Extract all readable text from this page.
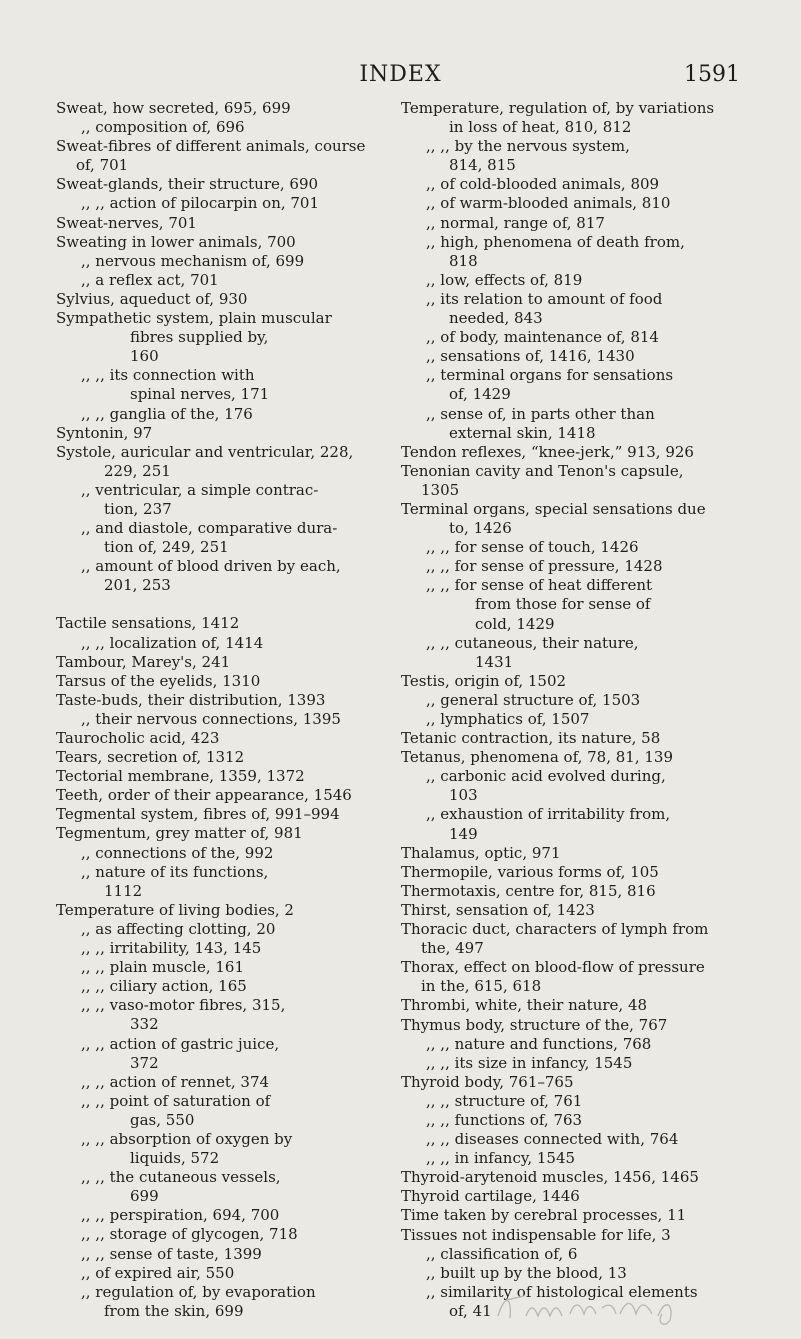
INDEX	1591
Sweat, how secreted, 695, 699
,, composition of, 696
Sweat-fibres of different animals, course
of, 701
Sweat-glands, their structure, 690
,, ,, action of pilocarpin on, 701
Sweat-nerves, 701
Sweating in lower animals, 700
,, nervous mechanism of, 699
,, a reflex act, 701
Sylvius, aqueduct of, 930
Sympathetic system, plain muscular
fibres supplied by,
160
,, ,, its connection with
spinal nerves, 171
,, ,, ganglia of the, 176
Syntonin, 97
Systole, auricular and ventricular, 228,
229, 251
,, ventricular, a simple contrac-
tion, 237
,, and diastole, comparative dura-
tion of, 249, 251
,, amount of blood driven by each,
201, 253
Tactile sensations, 1412
,, ,, localization of, 1414
Tambour, Marey's, 241
Tarsus of the eyelids, 1310
Taste-buds, their distribution, 1393
,, their nervous connections, 1395
Taurocholic acid, 423
Tears, secretion of, 1312
Tectorial membrane, 1359, 1372
Teeth, order of their appearance, 1546
Tegmental system, fibres of, 991–994
Tegmentum, grey matter of, 981
,, connections of the, 992
,, nature of its functions,
1112
Temperature of living bodies, 2
,, as affecting clotting, 20
,, ,, irritability, 143, 145
,, ,, plain muscle, 161
,, ,, ciliary action, 165
,, ,, vaso-motor fibres, 315,
332
,, ,, action of gastric juice,
372
,, ,, action of rennet, 374
,, ,, point of saturation of
gas, 550
,, ,, absorption of oxygen by
liquids, 572
,, ,, the cutaneous vessels,
699
,, ,, perspiration, 694, 700
,, ,, storage of glycogen, 718
,, ,, sense of taste, 1399
,, of expired air, 550
,, regulation of, by evaporation
from the skin, 699
Temperature, regulation of, by variations
in loss of heat, 810, 812
,, ,, by the nervous system,
814, 815
,, of cold-blooded animals, 809
,, of warm-blooded animals, 810
,, normal, range of, 817
,, high, phenomena of death from,
818
,, low, effects of, 819
,, its relation to amount of food
needed, 843
,, of body, maintenance of, 814
,, sensations of, 1416, 1430
,, terminal organs for sensations
of, 1429
,, sense of, in parts other than
external skin, 1418
Tendon reflexes, “knee-jerk,” 913, 926
Tenonian cavity and Tenon's capsule,
1305
Terminal organs, special sensations due
to, 1426
,, ,, for sense of touch, 1426
,, ,, for sense of pressure, 1428
,, ,, for sense of heat different
from those for sense of
cold, 1429
,, ,, cutaneous, their nature,
1431
Testis, origin of, 1502
,, general structure of, 1503
,, lymphatics of, 1507
Tetanic contraction, its nature, 58
Tetanus, phenomena of, 78, 81, 139
,, carbonic acid evolved during,
103
,, exhaustion of irritability from,
149
Thalamus, optic, 971
Thermopile, various forms of, 105
Thermotaxis, centre for, 815, 816
Thirst, sensation of, 1423
Thoracic duct, characters of lymph from
the, 497
Thorax, effect on blood-flow of pressure
in the, 615, 618
Thrombi, white, their nature, 48
Thymus body, structure of the, 767
,, ,, nature and functions, 768
,, ,, its size in infancy, 1545
Thyroid body, 761–765
,, ,, structure of, 761
,, ,, functions of, 763
,, ,, diseases connected with, 764
,, ,, in infancy, 1545
Thyroid-arytenoid muscles, 1456, 1465
Thyroid cartilage, 1446
Time taken by cerebral processes, 11
Tissues not indispensable for life, 3
,, classification of, 6
,, built up by the blood, 13
,, similarity of histological elements
of, 41
